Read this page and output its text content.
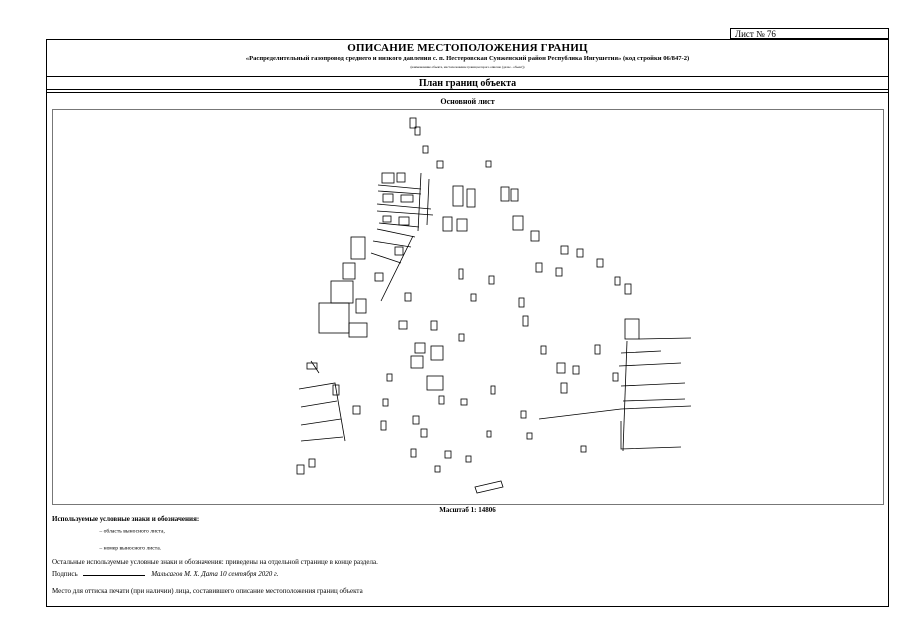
Лист № 76
ОПИСАНИЕ МЕСТОПОЛОЖЕНИЯ ГРАНИЦ
«Распределительный газопровод среднего и низкого давления с. п. Нестеровская Сунженский район Республика Ингушетия» (код стройки 06/847-2)
(наименование объекта, местоположение границ которого описано (далее - объект))
План границ объекта
Основной лист
Масштаб 1: 14806
Используемые условные знаки и обозначения:
– область выносного листа,
– номер выносного листа.
Остальные используемые условные знаки и обозначения: приведены на отдельной странице в конце раздела.
Подпись	Мальсагов М. Х. Дата 10 сентября 2020 г.
Место для оттиска печати (при наличии) лица, составившего описание местоположения границ объекта
